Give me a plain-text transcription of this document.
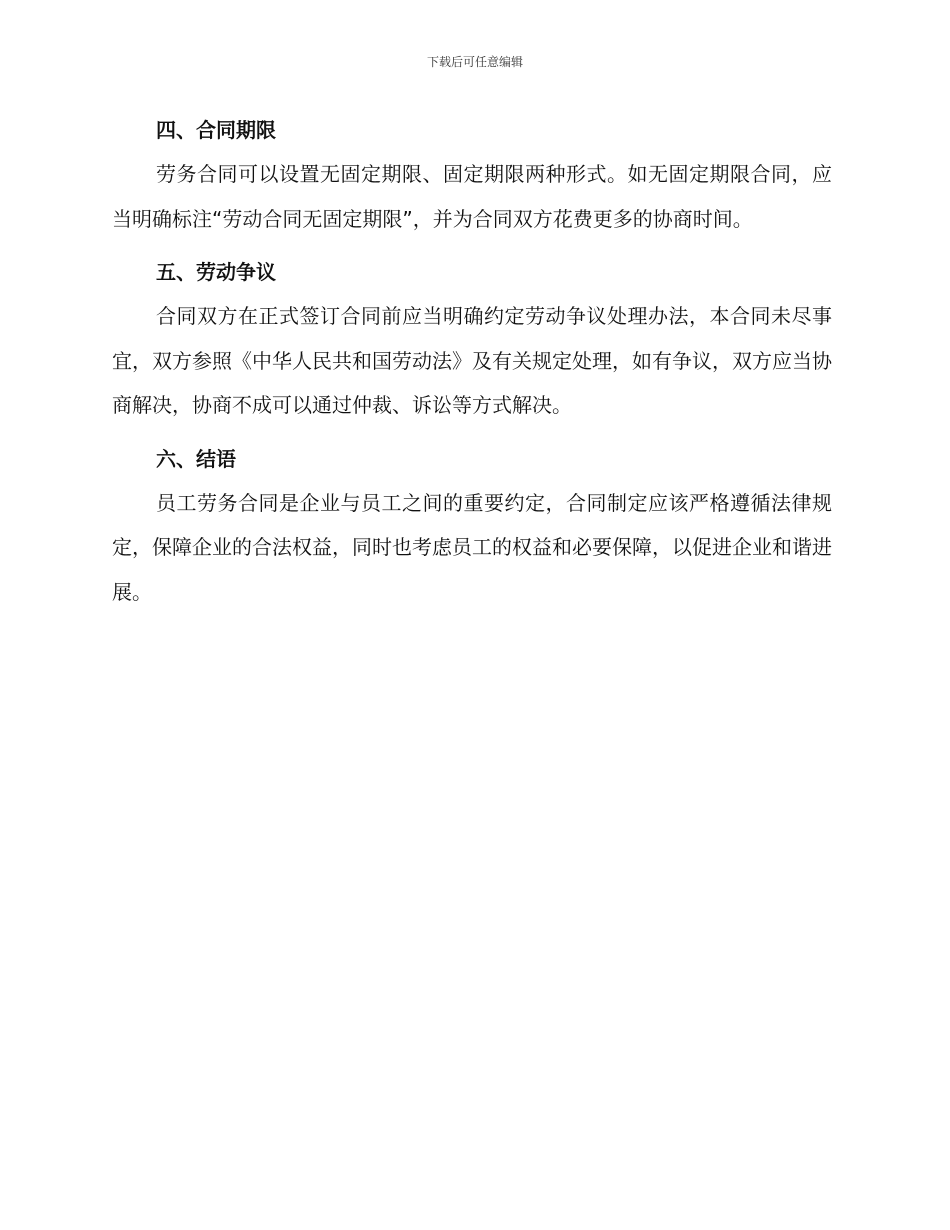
下载后可任意编辑
四、合同期限

劳务合同可以设置无固定期限、固定期限两种形式。如无固定期限合同，应当明确标注“劳动合同无固定期限”，并为合同双方花费更多的协商时间。

五、劳动争议

合同双方在正式签订合同前应当明确约定劳动争议处理办法，本合同未尽事宜，双方参照《中华人民共和国劳动法》及有关规定处理，如有争议，双方应当协商解决，协商不成可以通过仲裁、诉讼等方式解决。

六、结语

员工劳务合同是企业与员工之间的重要约定，合同制定应该严格遵循法律规定，保障企业的合法权益，同时也考虑员工的权益和必要保障，以促进企业和谐进展。
